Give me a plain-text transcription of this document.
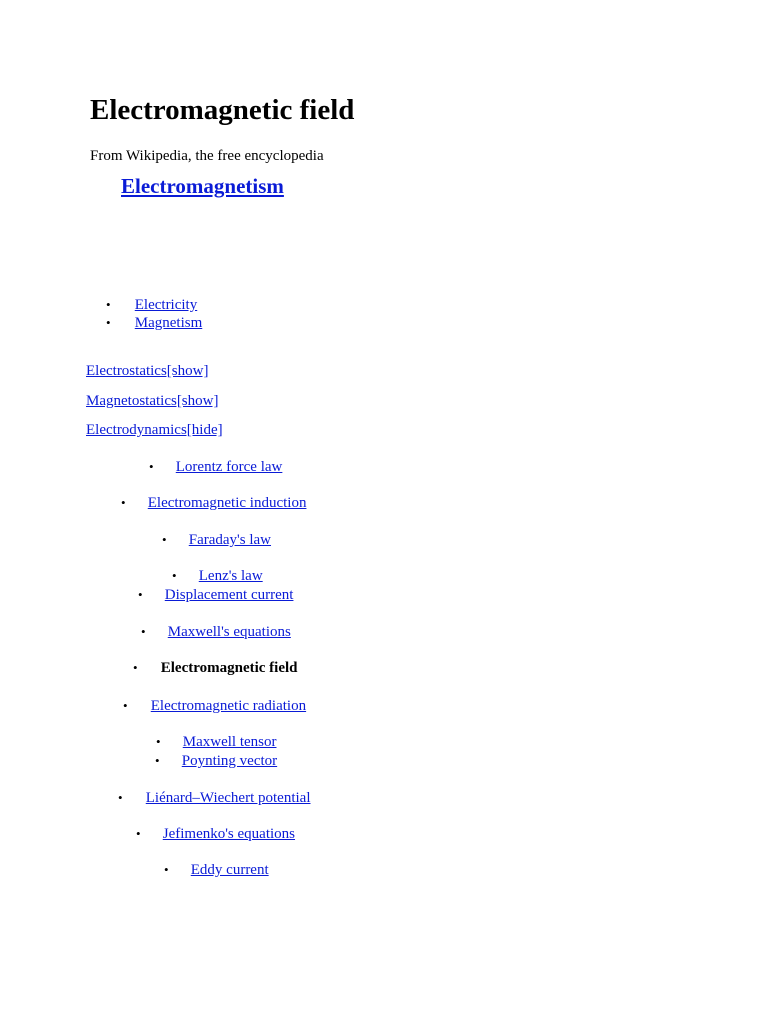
Electromagnetic field
From Wikipedia, the free encyclopedia
Electromagnetism
• Electricity
• Magnetism
Electrostatics[show]
Magnetostatics[show]
Electrodynamics[hide]
• Lorentz force law
• Electromagnetic induction
• Faraday's law
• Lenz's law
• Displacement current
• Maxwell's equations
• Electromagnetic field
• Electromagnetic radiation
• Maxwell tensor
• Poynting vector
• Liénard–Wiechert potential
• Jefimenko's equations
• Eddy current
